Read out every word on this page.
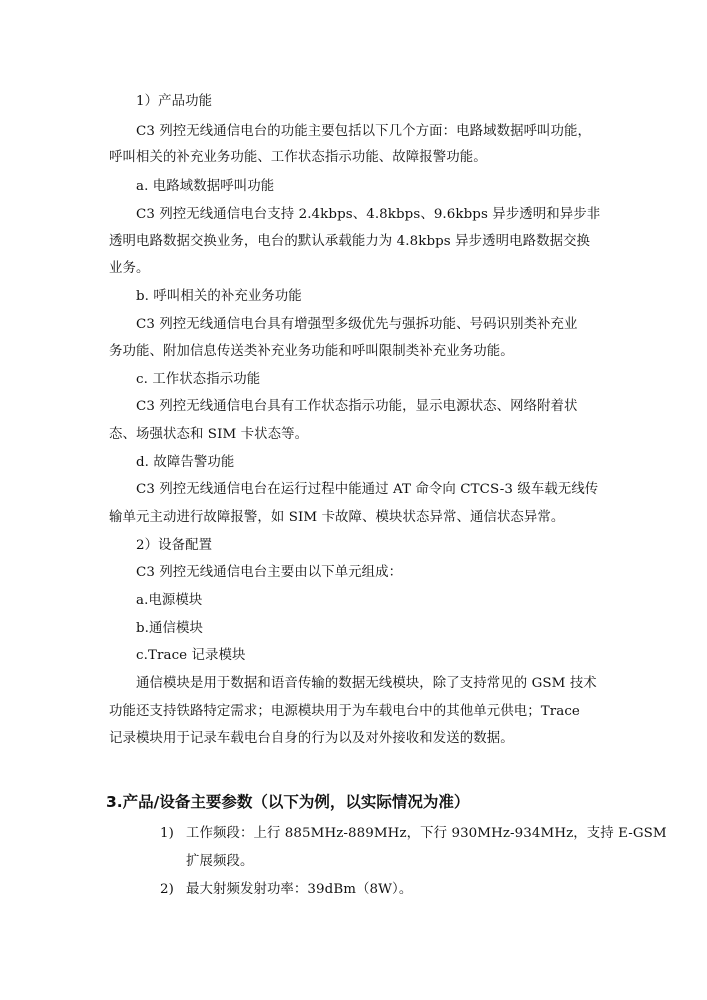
1）产品功能
C3 列控无线通信电台的功能主要包括以下几个方面：电路域数据呼叫功能，
呼叫相关的补充业务功能、工作状态指示功能、故障报警功能。
a. 电路域数据呼叫功能
C3 列控无线通信电台支持 2.4kbps、4.8kbps、9.6kbps 异步透明和异步非
透明电路数据交换业务，电台的默认承载能力为 4.8kbps 异步透明电路数据交换
业务。
b. 呼叫相关的补充业务功能
C3 列控无线通信电台具有增强型多级优先与强拆功能、号码识别类补充业
务功能、附加信息传送类补充业务功能和呼叫限制类补充业务功能。
c. 工作状态指示功能
C3 列控无线通信电台具有工作状态指示功能，显示电源状态、网络附着状
态、场强状态和 SIM 卡状态等。
d. 故障告警功能
C3 列控无线通信电台在运行过程中能通过 AT 命令向 CTCS-3 级车载无线传
输单元主动进行故障报警，如 SIM 卡故障、模块状态异常、通信状态异常。
2）设备配置
C3 列控无线通信电台主要由以下单元组成：
a.电源模块
b.通信模块
c.Trace 记录模块
通信模块是用于数据和语音传输的数据无线模块，除了支持常见的 GSM 技术
功能还支持铁路特定需求；电源模块用于为车载电台中的其他单元供电；Trace
记录模块用于记录车载电台自身的行为以及对外接收和发送的数据。
3.产品/设备主要参数（以下为例，以实际情况为准）
1) 工作频段：上行 885MHz-889MHz，下行 930MHz-934MHz，支持 E-GSM
扩展频段。
2) 最大射频发射功率：39dBm（8W）。
